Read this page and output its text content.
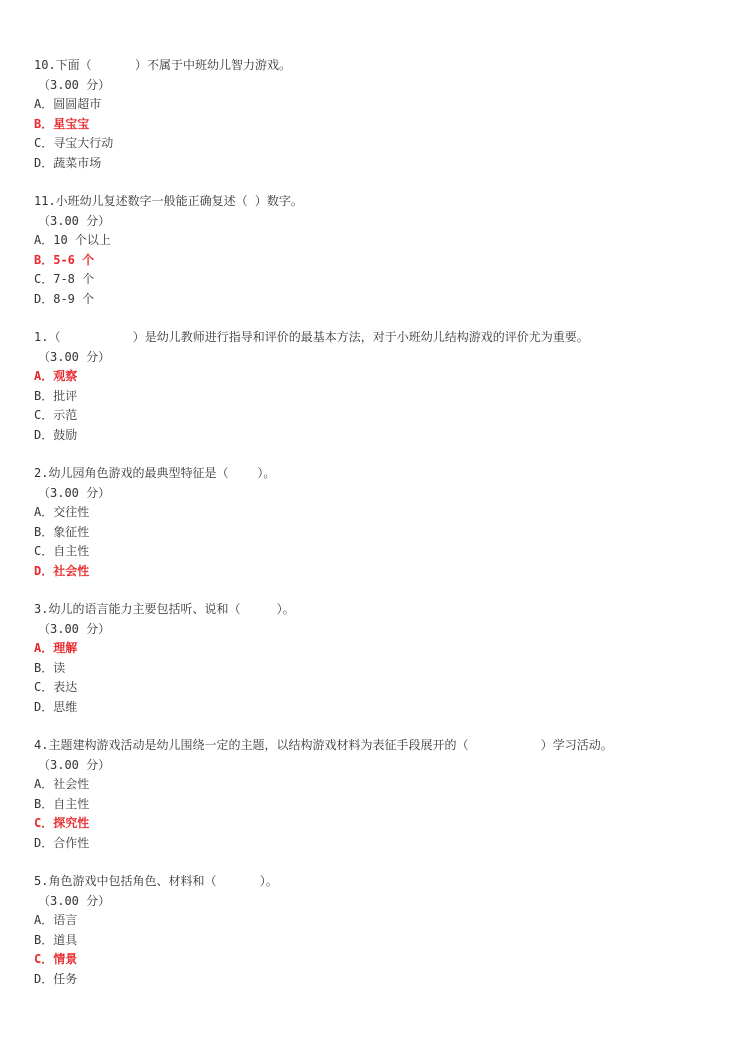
10.下面（      ）不属于中班幼儿智力游戏。
（3.00 分）
A．圆圆超市
B．星宝宝
C．寻宝大行动
D．蔬菜市场
11.小班幼儿复述数字一般能正确复述（ ）数字。
（3.00 分）
A．10 个以上
B．5-6 个
C．7-8 个
D．8-9 个
1.（          ）是幼儿教师进行指导和评价的最基本方法，对于小班幼儿结构游戏的评价尤为重要。
（3.00 分）
A．观察
B．批评
C．示范
D．鼓励
2.幼儿园角色游戏的最典型特征是（    ）。
（3.00 分）
A．交往性
B．象征性
C．自主性
D．社会性
3.幼儿的语言能力主要包括听、说和（     ）。
（3.00 分）
A．理解
B．读
C．表达
D．思维
4.主题建构游戏活动是幼儿围绕一定的主题，以结构游戏材料为表征手段展开的（          ）学习活动。
（3.00 分）
A．社会性
B．自主性
C．探究性
D．合作性
5.角色游戏中包括角色、材料和（      ）。
（3.00 分）
A．语言
B．道具
C．情景
D．任务
